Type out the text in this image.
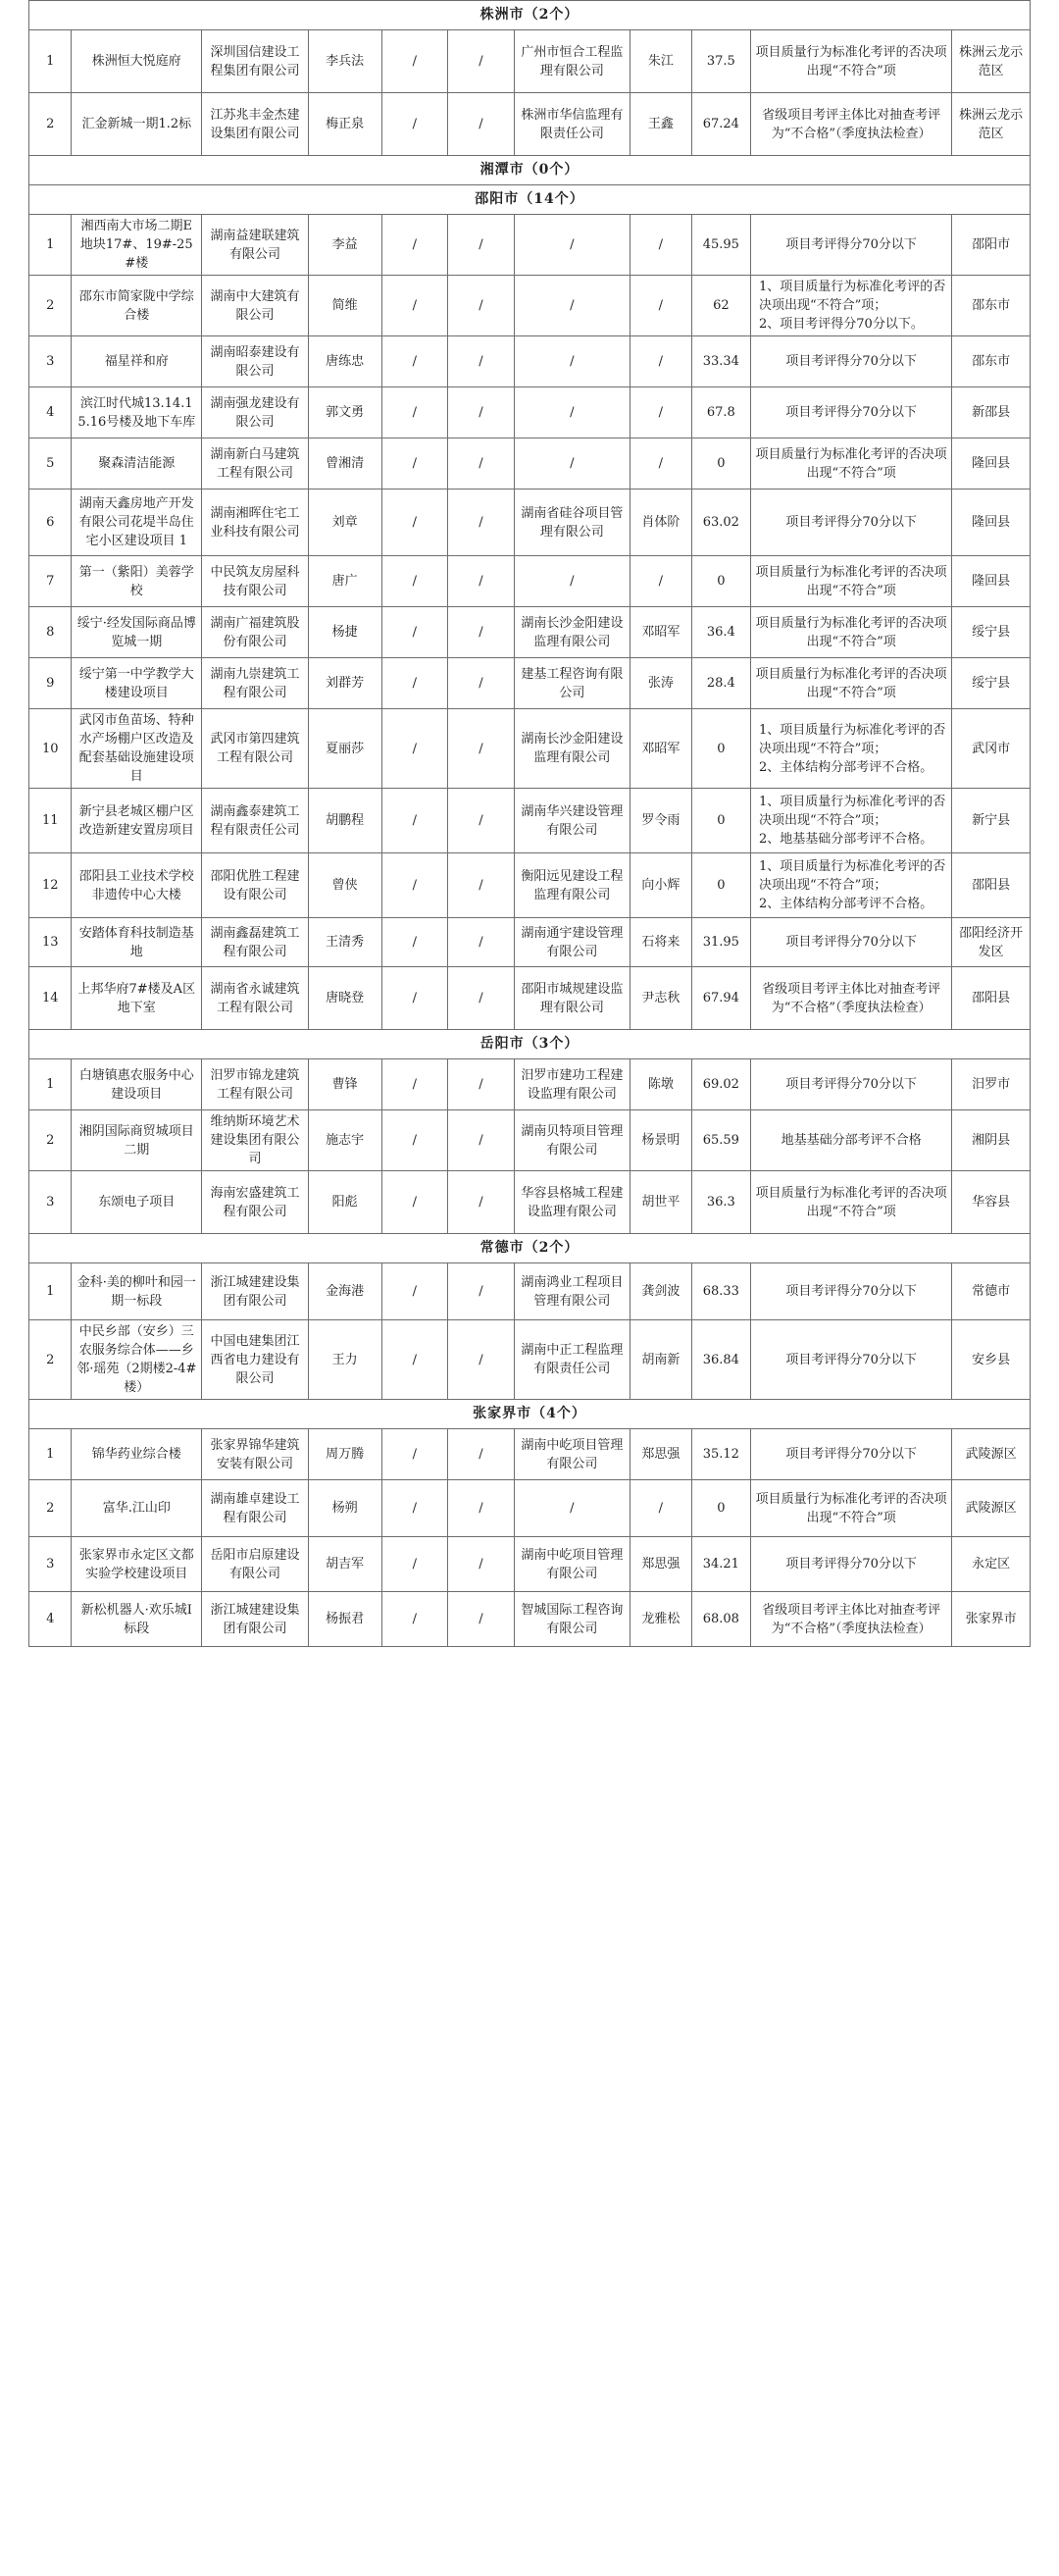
株洲市（2个）										
1	株洲恒大悦庭府	深圳国信建设工程集团有限公司	李兵法	/	/	广州市恒合工程监理有限公司	朱江	37.5	项目质量行为标准化考评的否决项出现“不符合”项	株洲云龙示范区
2	汇金新城一期1.2标	江苏兆丰金杰建设集团有限公司	梅正泉	/	/	株洲市华信监理有限责任公司	王鑫	67.24	省级项目考评主体比对抽查考评为“不合格”（季度执法检查）	株洲云龙示范区
湘潭市（0个）										
邵阳市（14个）										
1	湘西南大市场二期E地块17#、19#-25#楼	湖南益建联建筑有限公司	李益	/	/	/	/	45.95	项目考评得分70分以下	邵阳市
2	邵东市简家陇中学综合楼	湖南中大建筑有限公司	简维	/	/	/	/	62	1、项目质量行为标准化考评的否决项出现“不符合”项；
2、项目考评得分70分以下。	邵东市
3	福星祥和府	湖南昭泰建设有限公司	唐练忠	/	/	/	/	33.34	项目考评得分70分以下	邵东市
4	滨江时代城13.14.15.16号楼及地下车库	湖南强龙建设有限公司	郭文勇	/	/	/	/	67.8	项目考评得分70分以下	新邵县
5	聚森清洁能源	湖南新白马建筑工程有限公司	曾湘清	/	/	/	/	0	项目质量行为标准化考评的否决项出现“不符合”项	隆回县
6	湖南天鑫房地产开发有限公司花堤半岛住宅小区建设项目 1	湖南湘晖住宅工业科技有限公司	刘章	/	/	湖南省硅谷项目管理有限公司	肖体阶	63.02	项目考评得分70分以下	隆回县
7	第一（紫阳）美蓉学校	中民筑友房屋科技有限公司	唐广	/	/	/	/	0	项目质量行为标准化考评的否决项出现“不符合”项	隆回县
8	绥宁·经发国际商品博览城一期	湖南广福建筑股份有限公司	杨捷	/	/	湖南长沙金阳建设监理有限公司	邓昭军	36.4	项目质量行为标准化考评的否决项出现“不符合”项	绥宁县
9	绥宁第一中学教学大楼建设项目	湖南九崇建筑工程有限公司	刘群芳	/	/	建基工程咨询有限公司	张涛	28.4	项目质量行为标准化考评的否决项出现“不符合”项	绥宁县
10	武冈市鱼苗场、特种水产场棚户区改造及配套基础设施建设项目	武冈市第四建筑工程有限公司	夏丽莎	/	/	湖南长沙金阳建设监理有限公司	邓昭军	0	1、项目质量行为标准化考评的否决项出现“不符合”项；
2、主体结构分部考评不合格。	武冈市
11	新宁县老城区棚户区改造新建安置房项目	湖南鑫泰建筑工程有限责任公司	胡鹏程	/	/	湖南华兴建设管理有限公司	罗令雨	0	1、项目质量行为标准化考评的否决项出现“不符合”项；
2、地基基础分部考评不合格。	新宁县
12	邵阳县工业技术学校非遗传中心大楼	邵阳优胜工程建设有限公司	曾侠	/	/	衡阳远见建设工程监理有限公司	向小辉	0	1、项目质量行为标准化考评的否决项出现“不符合”项；
2、主体结构分部考评不合格。	邵阳县
13	安踏体育科技制造基地	湖南鑫磊建筑工程有限公司	王清秀	/	/	湖南通宇建设管理有限公司	石将来	31.95	项目考评得分70分以下	邵阳经济开发区
14	上邦华府7#楼及A区地下室	湖南省永诚建筑工程有限公司	唐晓登	/	/	邵阳市城规建设监理有限公司	尹志秋	67.94	省级项目考评主体比对抽查考评为“不合格”（季度执法检查）	邵阳县
岳阳市（3个）										
1	白塘镇惠农服务中心建设项目	汨罗市锦龙建筑工程有限公司	曹锋	/	/	汨罗市建功工程建设监理有限公司	陈墩	69.02	项目考评得分70分以下	汨罗市
2	湘阴国际商贸城项目二期	维纳斯环境艺术建设集团有限公司	施志宇	/	/	湖南贝特项目管理有限公司	杨景明	65.59	地基基础分部考评不合格	湘阴县
3	东颂电子项目	海南宏盛建筑工程有限公司	阳彪	/	/	华容县格城工程建设监理有限公司	胡世平	36.3	项目质量行为标准化考评的否决项出现“不符合”项	华容县
常德市（2个）										
1	金科·美的柳叶和园一期一标段	浙江城建建设集团有限公司	金海港	/	/	湖南鸿业工程项目管理有限公司	龚剑波	68.33	项目考评得分70分以下	常德市
2	中民乡部（安乡）三农服务综合体——乡邻·瑶苑（2期楼2-4#楼）	中国电建集团江西省电力建设有限公司	王力	/	/	湖南中正工程监理有限责任公司	胡南新	36.84	项目考评得分70分以下	安乡县
张家界市（4个）										
1	锦华药业综合楼	张家界锦华建筑安装有限公司	周万腾	/	/	湖南中屹项目管理有限公司	郑思强	35.12	项目考评得分70分以下	武陵源区
2	富华.江山印	湖南雄卓建设工程有限公司	杨朔	/	/	/	/	0	项目质量行为标准化考评的否决项出现“不符合”项	武陵源区
3	张家界市永定区文都实验学校建设项目	岳阳市启原建设有限公司	胡吉军	/	/	湖南中屹项目管理有限公司	郑思强	34.21	项目考评得分70分以下	永定区
4	新松机器人·欢乐城Ⅰ标段	浙江城建建设集团有限公司	杨振君	/	/	智城国际工程咨询有限公司	龙雅松	68.08	省级项目考评主体比对抽查考评为“不合格”（季度执法检查）	张家界市
